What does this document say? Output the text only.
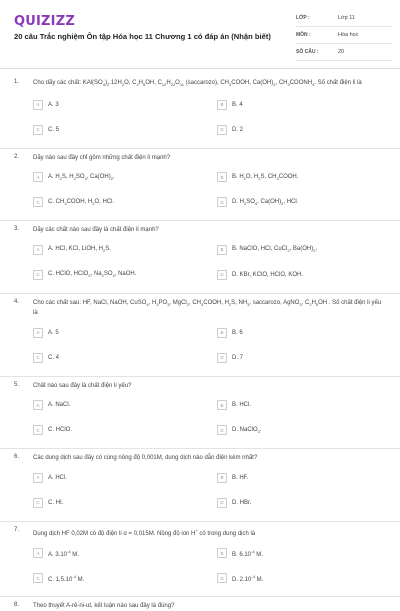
QUIZIZZ
20 câu Trắc nghiệm Ôn tập Hóa học 11 Chương 1 có đáp án (Nhận biết)
LỚP :	Lớp 11
MÔN :	Hóa học
SỐ CÂU :	20
1. Cho dãy các chất: $KAl(SO_4)_2.12H_2O$, $C_2H_5OH$, $C_{12}H_{22}O_{11}$ (saccarozo), $CH_3COOH$, $Ca(OH)_2$, $CH_3COONH_4$. Số chất điện li là
A	A. 3	B	B. 4
C	C. 5	D	D. 2
2. Dãy nào sau đây chỉ gồm những chất điện li mạnh?
A	A. $H_2S$, $H_2SO_4$, $Ca(OH)_2$.	B	B. $H_2O$, $H_2S$, $CH_3COOH$.
C	C. $CH_3COOH$, $H_2O$, HCl.	D	D. $H_2SO_4$, $Ca(OH)_2$, HCl.
3. Dãy các chất nào sau đây là chất điện li mạnh?
A	A. HCl, KCl, LiOH, $H_2S$.	B	B. NaClO, HCl, CuCl$_2$, $Ba(OH)_2$.
C	C. HClO, HClO$_2$, $Na_2SO_4$, NaOH.	D	D. KBr, KClO, HClO, KOH.
4. Cho các chất sau: HF, NaCl, NaOH, CuSO$_4$, $H_3PO_3$, MgCl$_2$, $CH_3COOH$, $H_2S$, $NH_3$, saccarozo, AgNO$_3$, $C_2H_5OH$ . Số chất điện li yếu là
A	A. 5	B	B. 6
C	C. 4	D	D. 7
5. Chất nào sau đây là chất điện li yếu?
A	A. NaCl.	B	B. HCl.
C	C. HClO.	D	D. NaClO$_3$.
6. Các dung dịch sau đây có cùng nồng độ 0,001M, dung dịch nào dẫn điện kém nhất?
A	A. HCl.	B	B. HF.
C	C. HI.	D	D. HBr.
7.
Dung dịch HF 0,02M có độ điện li α = 0,015M. Nồng độ ion H+ có trong dung dịch là
A	A. $3.10^{-4}$ M.	B	B. $6.10^{-4}$ M.
C	C. $1,5.10^{-4}$ M.	D	D. $2.10^{-4}$ M.
8. Theo thuyết A-rê-ni-ut, kết luận nào sau đây là đúng?
